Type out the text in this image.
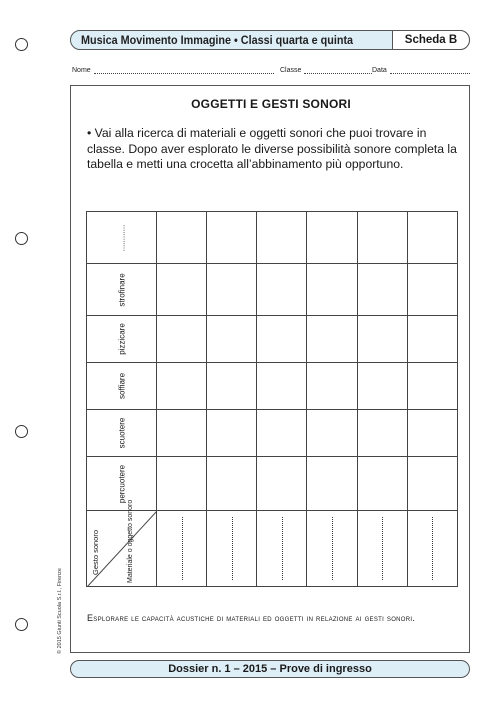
Musica Movimento Immagine • Classi quarta e quinta	Scheda B
Nome	Classe	Data
OGGETTI E GESTI SONORI
• Vai alla ricerca di materiali e oggetti sonori che puoi trovare in classe. Dopo aver esplorato le diverse possibilità sonore completa la tabella e metti una crocetta all’abbinamento più opportuno.
............						

strofinare						

pizzicare						

soffiare						

scuotere						

percuotere						

Gesto sonoro Materiale o oggetto sonoro						

Esplorare le capacità acustiche di materiali ed oggetti in relazione ai gesti sonori.
© 2015 Giunti Scuola S.r.l., Firenze
Dossier n. 1 – 2015 – Prove di ingresso
